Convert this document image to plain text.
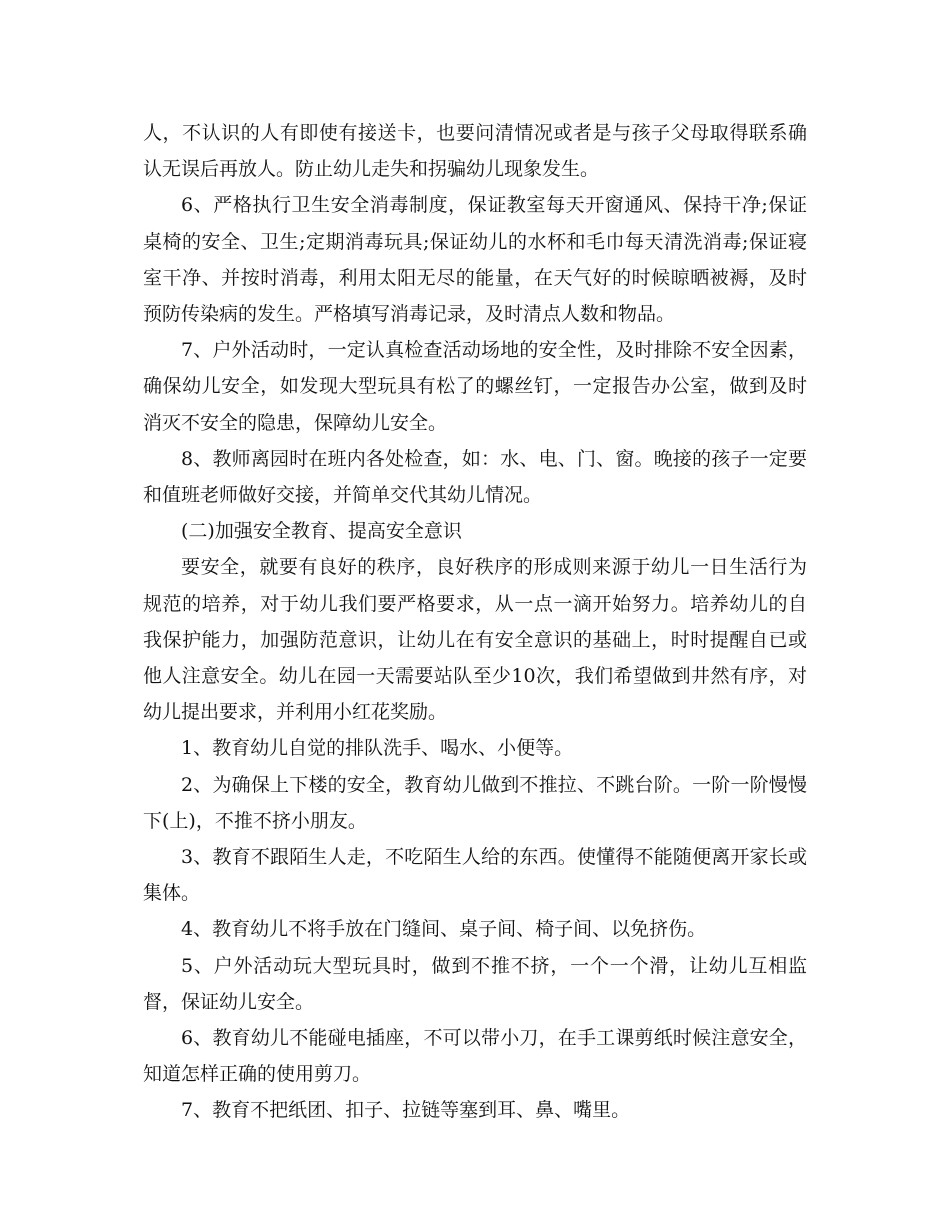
人，不认识的人有即使有接送卡，也要问清情况或者是与孩子父母取得联系确认无误后再放人。防止幼儿走失和拐骗幼儿现象发生。

6、严格执行卫生安全消毒制度，保证教室每天开窗通风、保持干净;保证桌椅的安全、卫生;定期消毒玩具;保证幼儿的水杯和毛巾每天清洗消毒;保证寝室干净、并按时消毒，利用太阳无尽的能量，在天气好的时候晾晒被褥，及时预防传染病的发生。严格填写消毒记录，及时清点人数和物品。

7、户外活动时，一定认真检查活动场地的安全性，及时排除不安全因素，确保幼儿安全，如发现大型玩具有松了的螺丝钉，一定报告办公室，做到及时消灭不安全的隐患，保障幼儿安全。

8、教师离园时在班内各处检查，如：水、电、门、窗。晚接的孩子一定要和值班老师做好交接，并简单交代其幼儿情况。

(二)加强安全教育、提高安全意识

要安全，就要有良好的秩序，良好秩序的形成则来源于幼儿一日生活行为规范的培养，对于幼儿我们要严格要求，从一点一滴开始努力。培养幼儿的自我保护能力，加强防范意识，让幼儿在有安全意识的基础上，时时提醒自已或他人注意安全。幼儿在园一天需要站队至少10次，我们希望做到井然有序，对幼儿提出要求，并利用小红花奖励。

1、教育幼儿自觉的排队洗手、喝水、小便等。

2、为确保上下楼的安全，教育幼儿做到不推拉、不跳台阶。一阶一阶慢慢下(上)，不推不挤小朋友。

3、教育不跟陌生人走，不吃陌生人给的东西。使懂得不能随便离开家长或集体。

4、教育幼儿不将手放在门缝间、桌子间、椅子间、以免挤伤。

5、户外活动玩大型玩具时，做到不推不挤，一个一个滑，让幼儿互相监督，保证幼儿安全。

6、教育幼儿不能碰电插座，不可以带小刀，在手工课剪纸时候注意安全，知道怎样正确的使用剪刀。

7、教育不把纸团、扣子、拉链等塞到耳、鼻、嘴里。
